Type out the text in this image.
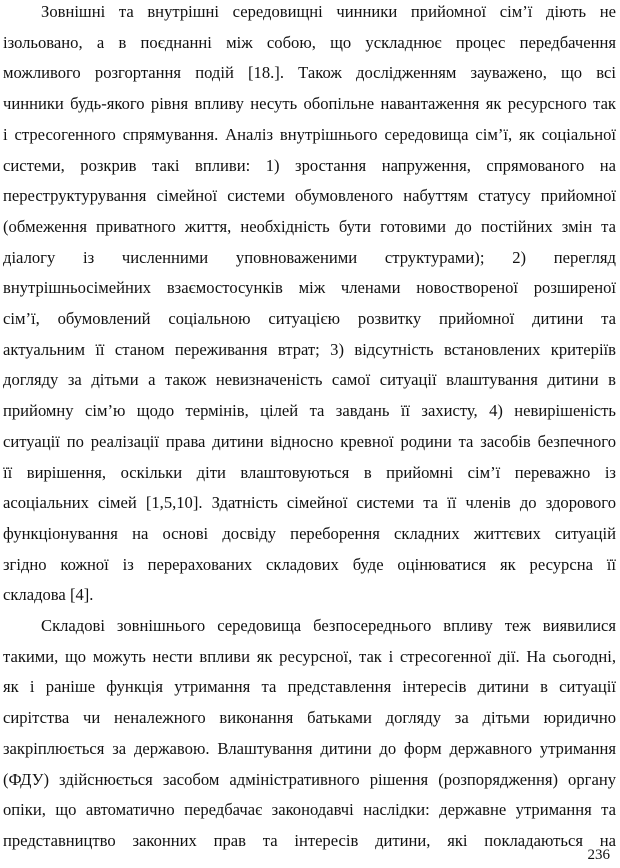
Зовнішні та внутрішні середовищні чинники прийомної сім’ї діють не
ізольовано, а в поєднанні між собою, що ускладнює процес передбачення
можливого розгортання подій [18.]. Також дослідженням зауважено, що всі
чинники будь-якого рівня впливу несуть обопільне навантаження як ресурсного так
і стресогенного спрямування. Аналіз внутрішнього середовища сім’ї, як соціальної
системи, розкрив такі впливи: 1) зростання напруження, спрямованого на
переструктурування сімейної системи обумовленого набуттям статусу прийомної
(обмеження приватного життя, необхідність бути готовими до постійних змін та
діалогу із численними уповноваженими структурами); 2) перегляд
внутрішньосімейних взаємостосунків між членами новоствореної розширеної
сім’ї, обумовлений соціальною ситуацією розвитку прийомної дитини та
актуальним її станом переживання втрат; 3) відсутність встановлених критеріїв
догляду за дітьми а також невизначеність самої ситуації влаштування дитини в
прийомну сім’ю щодо термінів, цілей та завдань її захисту, 4) невирішеність
ситуації по реалізації права дитини відносно кревної родини та засобів безпечного
її вирішення, оскільки діти влаштовуються в прийомні сім’ї переважно із
асоціальних сімей [1,5,10]. Здатність сімейної системи та її членів до здорового
функціонування на основі досвіду переборення складних життєвих ситуацій
згідно кожної із перерахованих складових буде оцінюватися як ресурсна її
складова [4].

Складові зовнішнього середовища безпосереднього впливу теж виявилися
такими, що можуть нести впливи як ресурсної, так і стресогенної дії. На сьогодні,
як і раніше функція утримання та представлення інтересів дитини в ситуації
сирітства чи неналежного виконання батьками догляду за дітьми юридично
закріплюється за державою. Влаштування дитини до форм державного утримання
(ФДУ) здійснюється засобом адміністративного рішення (розпорядження) органу
опіки, що автоматично передбачає законодавчі наслідки: державне утримання та
представництво законних прав та інтересів дитини, які покладаються на

236
